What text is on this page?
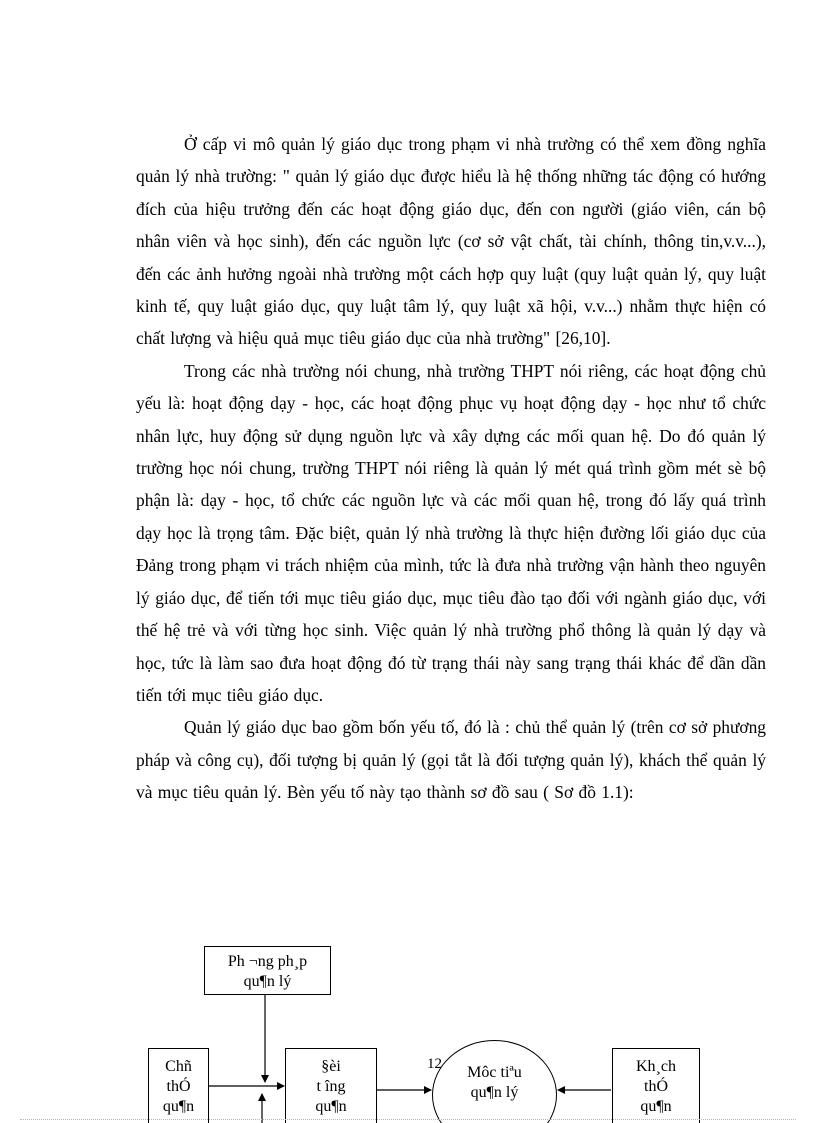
Ở cấp vi mô quản lý giáo dục trong phạm vi nhà trường có thể xem đồng nghĩa quản lý nhà trường: " quản lý giáo dục được hiểu là hệ thống những tác động có hướng đích của hiệu trưởng đến các hoạt động giáo dục, đến con người (giáo viên, cán bộ nhân viên và học sinh), đến các nguồn lực (cơ sở vật chất, tài chính, thông tin,v.v...), đến các ảnh hưởng ngoài nhà trường một cách hợp quy luật (quy luật quản lý, quy luật kinh tế, quy luật giáo dục, quy luật tâm lý, quy luật xã hội, v.v...) nhằm thực hiện có chất lượng và hiệu quả mục tiêu giáo dục của nhà trường" [26,10].

Trong các nhà trường nói chung, nhà trường THPT nói riêng, các hoạt động chủ yếu là: hoạt động dạy - học, các hoạt động phục vụ hoạt động dạy - học như tổ chức nhân lực, huy động sử dụng nguồn lực và xây dựng các mối quan hệ. Do đó quản lý trường học nói chung, trường THPT nói riêng là quản lý mét quá trình gồm mét sè bộ phận là: dạy - học, tổ chức các nguồn lực và các mối quan hệ, trong đó lấy quá trình dạy học là trọng tâm. Đặc biệt, quản lý nhà trường là thực hiện đường lối giáo dục của Đảng trong phạm vi trách nhiệm của mình, tức là đưa nhà trường vận hành theo nguyên lý giáo dục, để tiến tới mục tiêu giáo dục, mục tiêu đào tạo đối với ngành giáo dục, với thế hệ trẻ và với từng học sinh. Việc quản lý nhà trường phổ thông là quản lý dạy và học, tức là làm sao đưa hoạt động đó từ trạng thái này sang trạng thái khác để dần dần tiến tới mục tiêu giáo dục.

Quản lý giáo dục bao gồm bốn yếu tố, đó là : chủ thể quản lý (trên cơ sở phương pháp và công cụ), đối tượng bị quản lý (gọi tắt là đối tượng quản lý), khách thể quản lý và mục tiêu quản lý. Bèn yếu tố này tạo thành sơ đồ sau ( Sơ đồ 1.1):

Ph ¬ng ph¸p
qu¶n lý
Chñ
thÓ
qu¶n
§èi
t îng
qu¶n
Môc tiªu
qu¶n lý
Kh¸ch
thÓ
qu¶n
12
